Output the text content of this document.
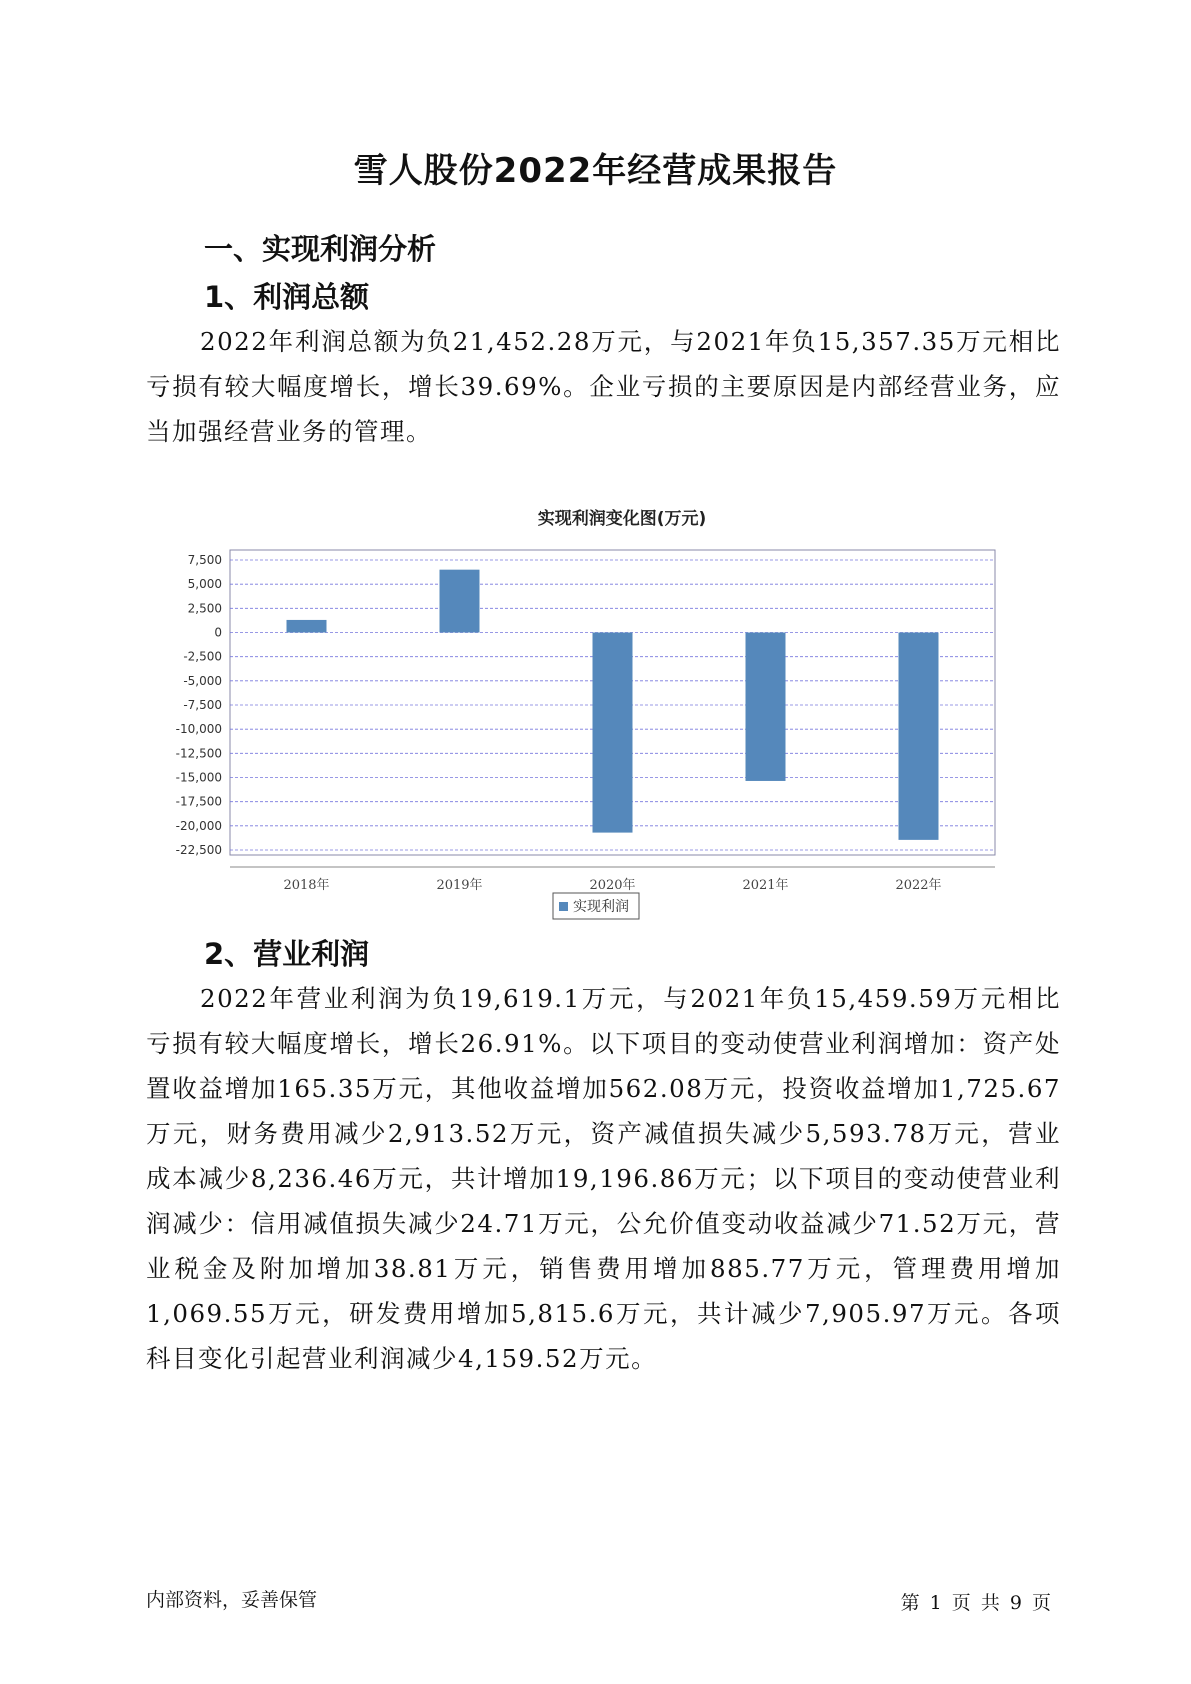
雪人股份2022年经营成果报告
一、实现利润分析
1、利润总额

2022年利润总额为负21,452.28万元，与2021年负15,357.35万元相比亏损有较大幅度增长，增长39.69%。企业亏损的主要原因是内部经营业务，应当加强经营业务的管理。

实现利润变化图(万元)
7,500
5,000
2,500
0
-2,500
-5,000
-7,500
-10,000
-12,500
-15,000
-17,500
-20,000
-22,500
2018年	2019年	2020年	2021年	2022年
实现利润
2、营业利润

2022年营业利润为负19,619.1万元，与2021年负15,459.59万元相比亏损有较大幅度增长，增长26.91%。以下项目的变动使营业利润增加：资产处置收益增加165.35万元，其他收益增加562.08万元，投资收益增加1,725.67万元，财务费用减少2,913.52万元，资产减值损失减少5,593.78万元，营业成本减少8,236.46万元，共计增加19,196.86万元；以下项目的变动使营业利润减少：信用减值损失减少24.71万元，公允价值变动收益减少71.52万元，营业税金及附加增加38.81万元，销售费用增加885.77万元，管理费用增加1,069.55万元，研发费用增加5,815.6万元，共计减少7,905.97万元。各项科目变化引起营业利润减少4,159.52万元。

内部资料，妥善保管	第 1 页 共 9 页
